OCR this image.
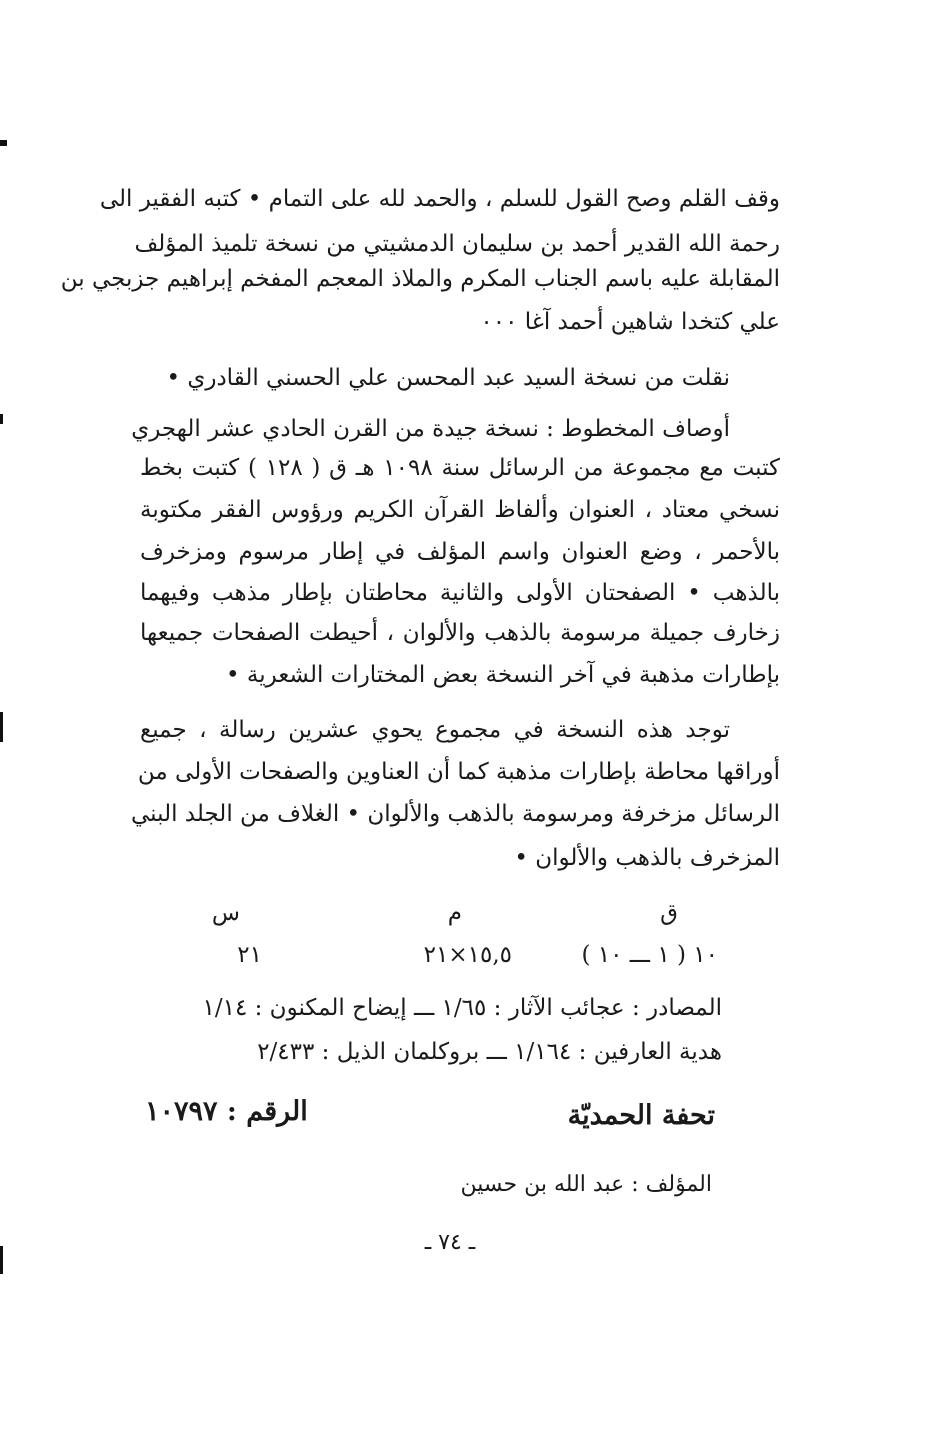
وقف القلم وصح القول للسلم ، والحمد لله على التمام • كتبه الفقير الى
رحمة الله القدير أحمد بن سليمان الدمشيتي من نسخة تلميذ المؤلف
المقابلة عليه باسم الجناب المكرم والملاذ المعجم المفخم إبراهيم جزبجي بن
علي كتخدا شاهين أحمد آغا ٠٠٠
نقلت من نسخة السيد عبد المحسن علي الحسني القادري •
أوصاف المخطوط : نسخة جيدة من القرن الحادي عشر الهجري
كتبت مع مجموعة من الرسائل سنة ١٠٩٨ هـ ق ( ١٢٨ ) كتبت بخط
نسخي معتاد ، العنوان وألفاظ القرآن الكريم ورؤوس الفقر مكتوبة
بالأحمر ، وضع العنوان واسم المؤلف في إطار مرسوم ومزخرف
بالذهب • الصفحتان الأولى والثانية محاطتان بإطار مذهب وفيهما
زخارف جميلة مرسومة بالذهب والألوان ، أحيطت الصفحات جميعها
بإطارات مذهبة في آخر النسخة بعض المختارات الشعرية •
توجد هذه النسخة في مجموع يحوي عشرين رسالة ، جميع
أوراقها محاطة بإطارات مذهبة كما أن العناوين والصفحات الأولى من
الرسائل مزخرفة ومرسومة بالذهب والألوان • الغلاف من الجلد البني
المزخرف بالذهب والألوان •
ق
م
س
١٠ ( ١ ـــ ١٠ )
١٥,٥×٢١
٢١
المصادر : عجائب الآثار : ١/٦٥ ـــ إيضاح المكنون : ١/١٤
هدية العارفين : ١/١٦٤ ـــ بروكلمان الذيل : ٢/٤٣٣
تحفة الحمديّة
الرقم : ١٠٧٩٧
المؤلف : عبد الله بن حسين
ـ ٧٤ ـ
